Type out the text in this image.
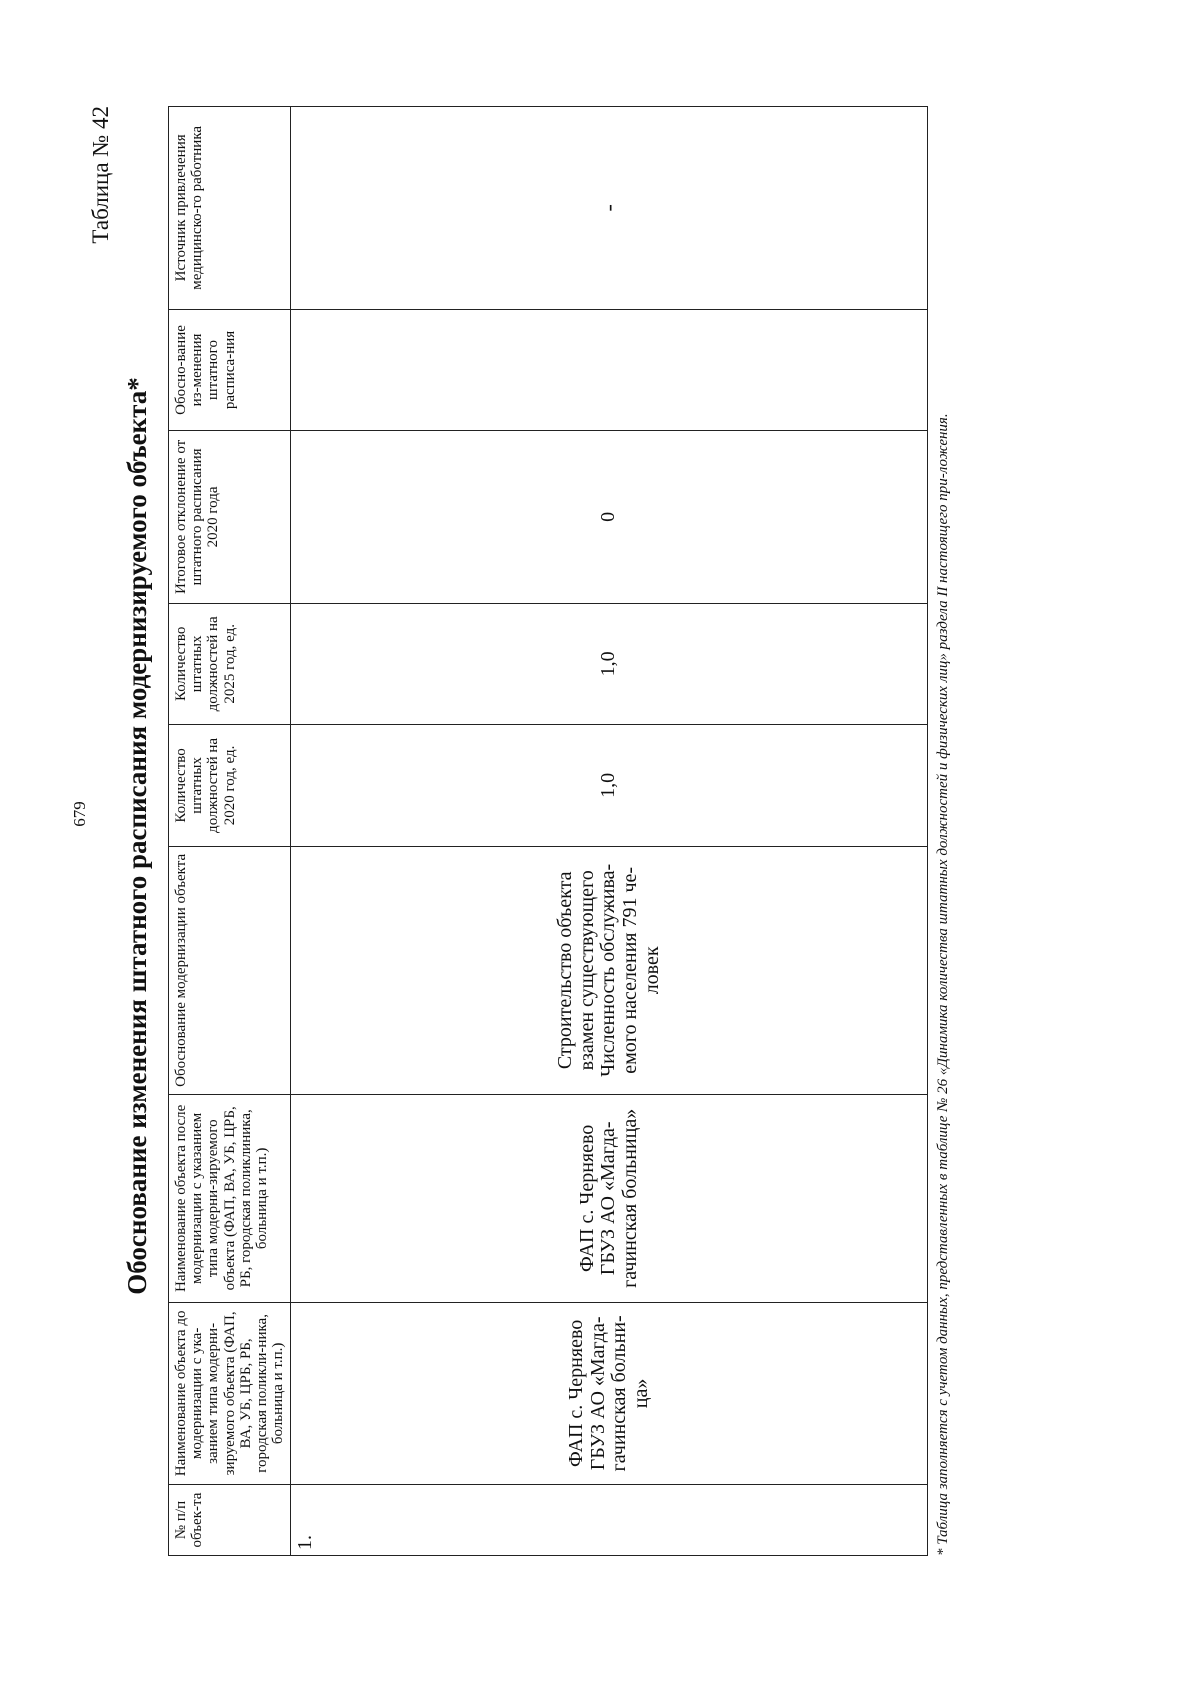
679
Таблица № 42
Обоснование изменения штатного расписания модернизируемого объекта*
№ п/п объек-та	Наименование объекта до модернизации с ука-занием типа модерни-зируемого объекта (ФАП, ВА, УБ, ЦРБ, РБ, городская поликли-ника, больница и т.п.)	Наименование объекта после модернизации с указанием типа модерни-зируемого объекта (ФАП, ВА, УБ, ЦРБ, РБ, городская поликлиника, больница и т.п.)	Обоснование модернизации объекта	Количество штатных должностей на 2020 год, ед.	Количество штатных должностей на 2025 год, ед.	Итоговое отклонение от штатного расписания 2020 года	Обосно-вание из-менения штатного расписа-ния	Источник привлечения медицинско-го работника
1.	ФАП с. Черняево ГБУЗ АО «Магда-гачинская больни-ца»	ФАП с. Черняево ГБУЗ АО «Магда-гачинская больница»	Строительство объекта взамен существующего Численность обслужива-емого населения 791 че-ловек	1,0	1,0	0		-
* Таблица заполняется с учетом данных, представленных в таблице № 26 «Динамика количества штатных должностей и физических лиц» раздела II настоящего при-ложения.
